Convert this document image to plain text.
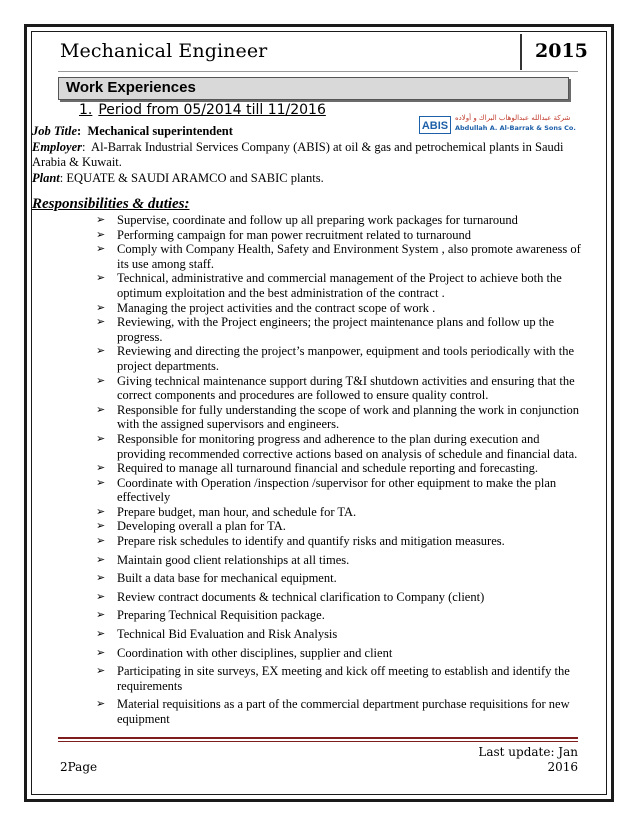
Mechanical Engineer	2015
Work Experiences
1. Period from 05/2014 till 11/2016
ABIS
شركة عبدالله عبدالوهاب البراك و أولاده
Abdullah A. Al-Barrak & Sons Co.

Job Title: Mechanical superintendent

Employer:  Al-Barrak Industrial Services Company (ABIS) at oil & gas and petrochemical plants in Saudi Arabia & Kuwait.

Plant: EQUATE & SAUDI ARAMCO and SABIC plants.

Responsibilities & duties:
➢ Supervise, coordinate and follow up all preparing work packages for turnaround
➢ Performing campaign for man power recruitment related to turnaround
➢ Comply with Company Health, Safety and Environment System , also promote awareness of its use among staff.
➢ Technical, administrative and commercial management of the Project to achieve both the optimum exploitation and the best administration of the contract .
➢ Managing the project activities and the contract scope of work .
➢ Reviewing, with the Project engineers; the project maintenance plans and follow up the progress.
➢ Reviewing and directing the project’s manpower, equipment and tools periodically with the project departments.
➢ Giving technical maintenance support during T&I shutdown activities and ensuring that the correct components and procedures are followed to ensure quality control.
➢ Responsible for fully understanding the scope of work and planning the work in conjunction with the assigned supervisors and engineers.
➢ Responsible for monitoring progress and adherence to the plan during execution and providing recommended corrective actions based on analysis of schedule and financial data.
➢ Required to manage all turnaround financial and schedule reporting and forecasting.
➢ Coordinate with Operation /inspection /supervisor for other equipment to make the plan effectively
➢ Prepare budget, man hour, and schedule for TA.
➢ Developing overall a plan for TA.
➢ Prepare risk schedules to identify and quantify risks and mitigation measures.
➢ Maintain good client relationships at all times.
➢ Built a data base for mechanical equipment.
➢ Review contract documents & technical clarification to Company (client)
➢ Preparing Technical Requisition package.
➢ Technical Bid Evaluation and Risk Analysis
➢ Coordination with other disciplines, supplier and client
➢ Participating in site surveys, EX meeting and kick off meeting to establish and identify the requirements
➢ Material requisitions as a part of the commercial department purchase requisitions for new equipment
Last update: Jan
2016
2Page
